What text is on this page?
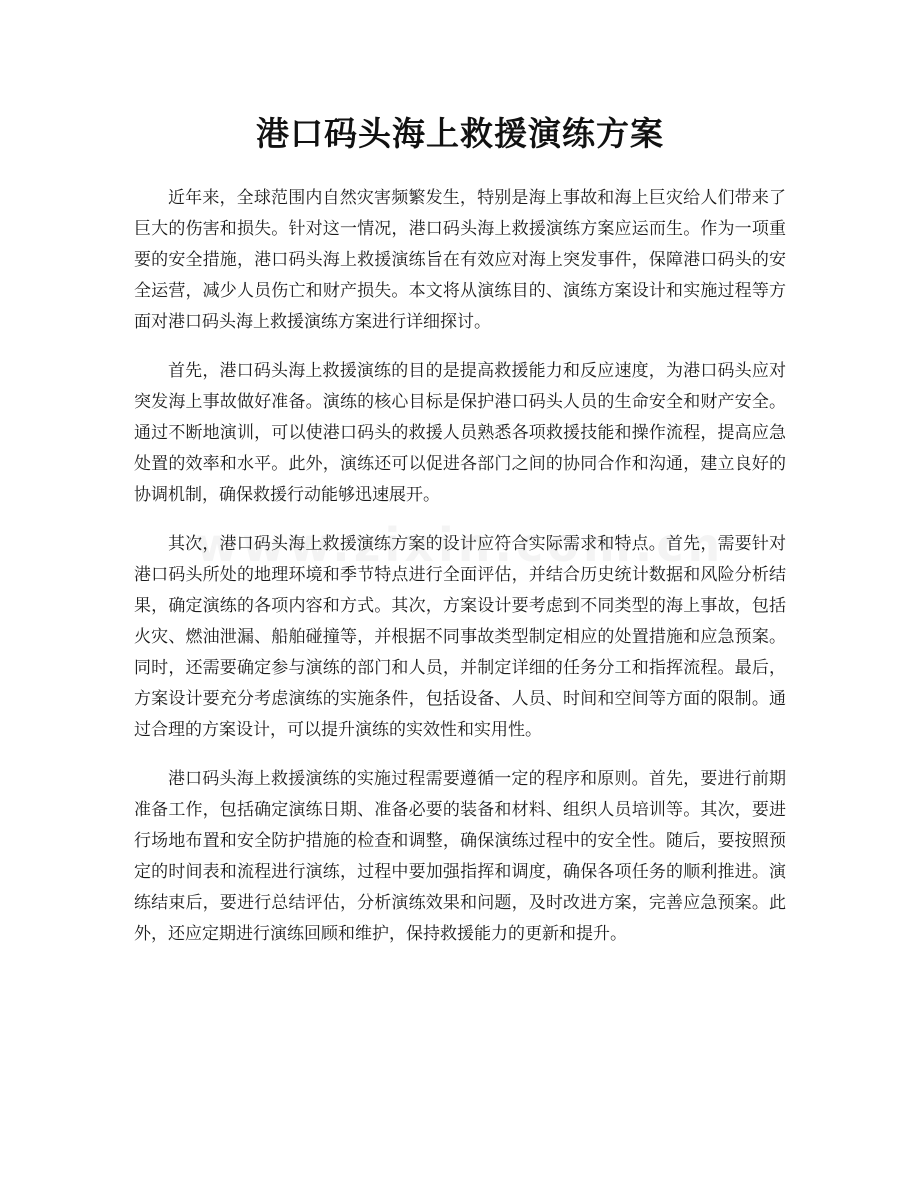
港口码头海上救援演练方案

近年来，全球范围内自然灾害频繁发生，特别是海上事故和海上巨灾给人们带来了巨大的伤害和损失。针对这一情况，港口码头海上救援演练方案应运而生。作为一项重要的安全措施，港口码头海上救援演练旨在有效应对海上突发事件，保障港口码头的安全运营，减少人员伤亡和财产损失。本文将从演练目的、演练方案设计和实施过程等方面对港口码头海上救援演练方案进行详细探讨。

首先，港口码头海上救援演练的目的是提高救援能力和反应速度，为港口码头应对突发海上事故做好准备。演练的核心目标是保护港口码头人员的生命安全和财产安全。通过不断地演训，可以使港口码头的救援人员熟悉各项救援技能和操作流程，提高应急处置的效率和水平。此外，演练还可以促进各部门之间的协同合作和沟通，建立良好的协调机制，确保救援行动能够迅速展开。

其次，港口码头海上救援演练方案的设计应符合实际需求和特点。首先，需要针对港口码头所处的地理环境和季节特点进行全面评估，并结合历史统计数据和风险分析结果，确定演练的各项内容和方式。其次，方案设计要考虑到不同类型的海上事故，包括火灾、燃油泄漏、船舶碰撞等，并根据不同事故类型制定相应的处置措施和应急预案。同时，还需要确定参与演练的部门和人员，并制定详细的任务分工和指挥流程。最后，方案设计要充分考虑演练的实施条件，包括设备、人员、时间和空间等方面的限制。通过合理的方案设计，可以提升演练的实效性和实用性。

港口码头海上救援演练的实施过程需要遵循一定的程序和原则。首先，要进行前期准备工作，包括确定演练日期、准备必要的装备和材料、组织人员培训等。其次，要进行场地布置和安全防护措施的检查和调整，确保演练过程中的安全性。随后，要按照预定的时间表和流程进行演练，过程中要加强指挥和调度，确保各项任务的顺利推进。演练结束后，要进行总结评估，分析演练效果和问题，及时改进方案，完善应急预案。此外，还应定期进行演练回顾和维护，保持救援能力的更新和提升。
